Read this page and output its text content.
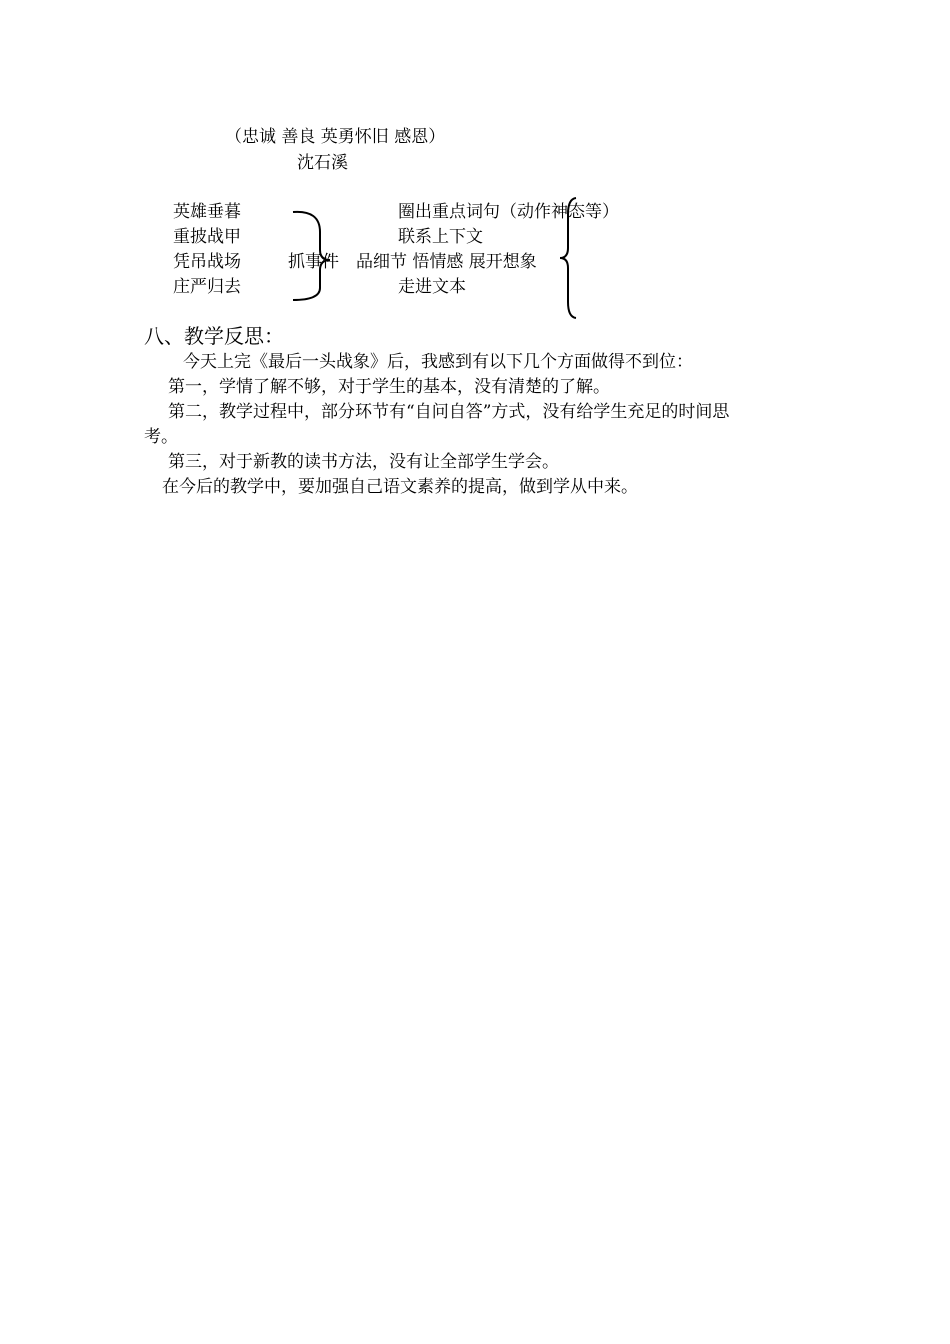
（忠诚 善良 英勇怀旧 感恩）
沈石溪
英雄垂暮
重披战甲
凭吊战场
庄严归去
抓事件 品细节 悟情感 展开想象
圈出重点词句（动作神态等）
联系上下文
走进文本
八、教学反思：
今天上完《最后一头战象》后，我感到有以下几个方面做得不到位：
第一，学情了解不够，对于学生的基本，没有清楚的了解。
第二，教学过程中，部分环节有“自问自答”方式，没有给学生充足的时间思
考。
第三，对于新教的读书方法，没有让全部学生学会。
在今后的教学中，要加强自己语文素养的提高，做到学从中来。
